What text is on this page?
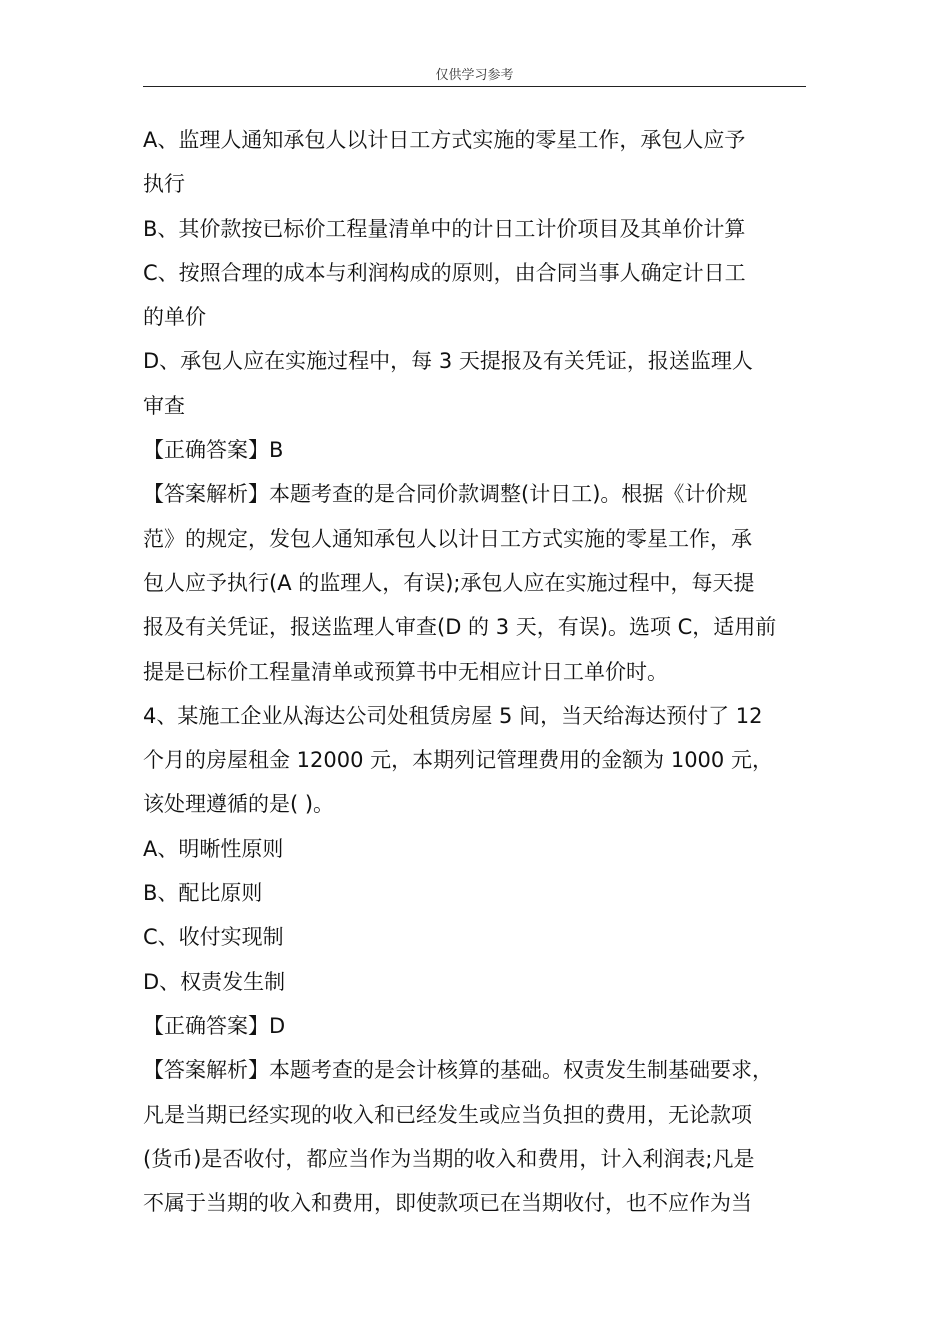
仅供学习参考
A、监理人通知承包人以计日工方式实施的零星工作，承包人应予
执行
B、其价款按已标价工程量清单中的计日工计价项目及其单价计算
C、按照合理的成本与利润构成的原则，由合同当事人确定计日工
的单价
D、承包人应在实施过程中，每 3 天提报及有关凭证，报送监理人
审查
【正确答案】B
【答案解析】本题考查的是合同价款调整(计日工)。根据《计价规
范》的规定，发包人通知承包人以计日工方式实施的零星工作，承
包人应予执行(A 的监理人，有误);承包人应在实施过程中，每天提
报及有关凭证，报送监理人审查(D 的 3 天，有误)。选项 C，适用前
提是已标价工程量清单或预算书中无相应计日工单价时。
4、某施工企业从海达公司处租赁房屋 5 间，当天给海达预付了 12
个月的房屋租金 12000 元，本期列记管理费用的金额为 1000 元，
该处理遵循的是( )。
A、明晰性原则
B、配比原则
C、收付实现制
D、权责发生制
【正确答案】D
【答案解析】本题考查的是会计核算的基础。权责发生制基础要求，
凡是当期已经实现的收入和已经发生或应当负担的费用，无论款项
(货币)是否收付，都应当作为当期的收入和费用，计入利润表;凡是
不属于当期的收入和费用，即使款项已在当期收付，也不应作为当
